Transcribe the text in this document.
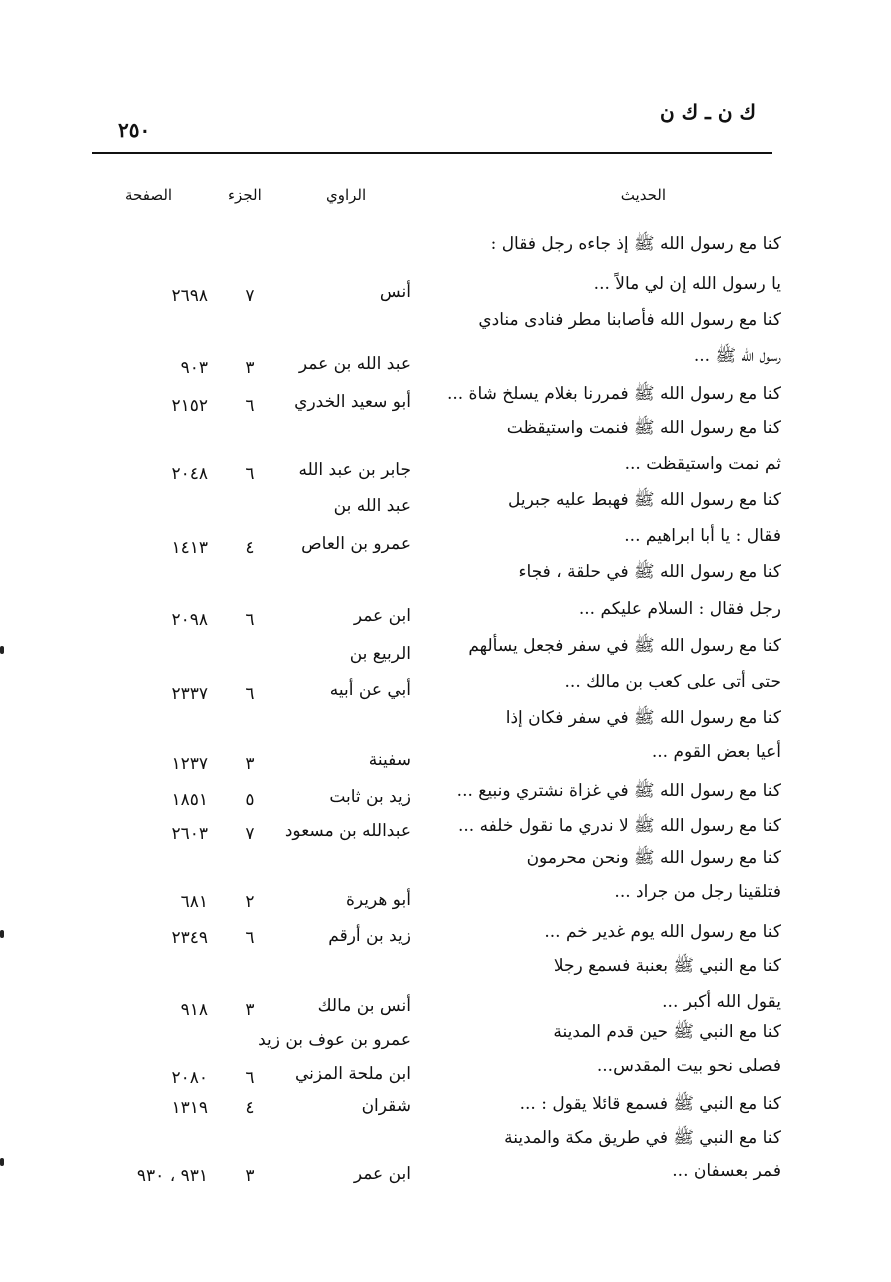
ك ن ـ ك ن
٢٥٠
الحديث
الراوي
الجزء
الصفحة
كنا مع رسول الله ﷺ إذ جاءه رجل فقال :
يا رسول الله إن لي مالاً ...
كنا مع رسول الله فأصابنا مطر فنادى منادي
رسول الله ﷺ ...
كنا مع رسول الله ﷺ فمررنا بغلام يسلخ شاة ...
كنا مع رسول الله ﷺ فنمت واستيقظت
ثم نمت واستيقظت ...
كنا مع رسول الله ﷺ فهبط عليه جبريل
فقال : يا أبا ابراهيم ...
كنا مع رسول الله ﷺ في حلقة ، فجاء
رجل فقال : السلام عليكم ...
كنا مع رسول الله ﷺ في سفر فجعل يسألهم
حتى أتى على كعب بن مالك ...
كنا مع رسول الله ﷺ في سفر فكان إذا
أعيا بعض القوم ...
كنا مع رسول الله ﷺ في غزاة نشتري ونبيع ...
كنا مع رسول الله ﷺ لا ندري ما نقول خلفه ...
كنا مع رسول الله ﷺ ونحن محرمون
فتلقينا رجل من جراد ...
كنا مع رسول الله يوم غدير خم ...
كنا مع النبي ﷺ بعنبة فسمع رجلا
يقول الله أكبر ...
كنا مع النبي ﷺ حين قدم المدينة
فصلى نحو بيت المقدس...
كنا مع النبي ﷺ فسمع قائلا يقول : ...
كنا مع النبي ﷺ في طريق مكة والمدينة
فمر بعسفان ...
أنس
عبد الله بن عمر
أبو سعيد الخدري
جابر بن عبد الله
عبد الله بن
عمرو بن العاص
ابن عمر
الربيع بن
أبي عن أبيه
سفينة
زيد بن ثابت
عبدالله بن مسعود
أبو هريرة
زيد بن أرقم
أنس بن مالك
عمرو بن عوف بن زيد
ابن ملحة المزني
شقران
ابن عمر
٧
٣
٦
٦
٤
٦
٦
٣
٥
٧
٢
٦
٣
٦
٤
٣
٢٦٩٨
٩٠٣
٢١٥٢
٢٠٤٨
١٤١٣
٢٠٩٨
٢٣٣٧
١٢٣٧
١٨٥١
٢٦٠٣
٦٨١
٢٣٤٩
٩١٨
٢٠٨٠
١٣١٩
٩٣١ ، ٩٣٠
